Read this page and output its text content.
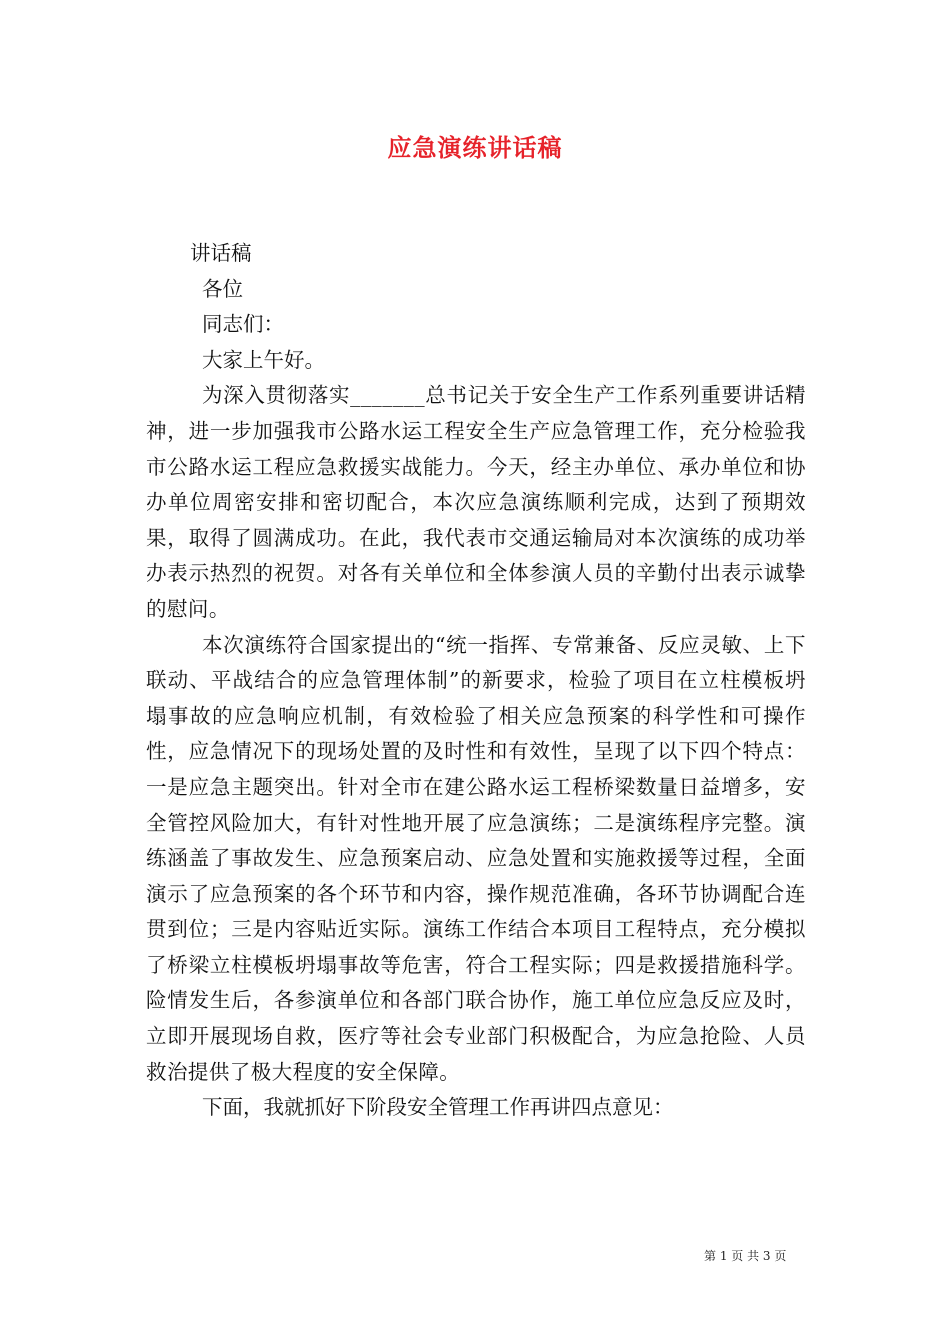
应急演练讲话稿

讲话稿

各位

同志们：

大家上午好。

为深入贯彻落实_______总书记关于安全生产工作系列重要讲话精神，进一步加强我市公路水运工程安全生产应急管理工作，充分检验我市公路水运工程应急救援实战能力。今天，经主办单位、承办单位和协办单位周密安排和密切配合，本次应急演练顺利完成，达到了预期效果，取得了圆满成功。在此，我代表市交通运输局对本次演练的成功举办表示热烈的祝贺。对各有关单位和全体参演人员的辛勤付出表示诚挚的慰问。

本次演练符合国家提出的“统一指挥、专常兼备、反应灵敏、上下联动、平战结合的应急管理体制”的新要求，检验了项目在立柱模板坍塌事故的应急响应机制，有效检验了相关应急预案的科学性和可操作性，应急情况下的现场处置的及时性和有效性，呈现了以下四个特点：一是应急主题突出。针对全市在建公路水运工程桥梁数量日益增多，安全管控风险加大，有针对性地开展了应急演练；二是演练程序完整。演练涵盖了事故发生、应急预案启动、应急处置和实施救援等过程，全面演示了应急预案的各个环节和内容，操作规范准确，各环节协调配合连贯到位；三是内容贴近实际。演练工作结合本项目工程特点，充分模拟了桥梁立柱模板坍塌事故等危害，符合工程实际；四是救援措施科学。险情发生后，各参演单位和各部门联合协作，施工单位应急反应及时，立即开展现场自救，医疗等社会专业部门积极配合，为应急抢险、人员救治提供了极大程度的安全保障。

下面，我就抓好下阶段安全管理工作再讲四点意见：

第 1 页 共 3 页
